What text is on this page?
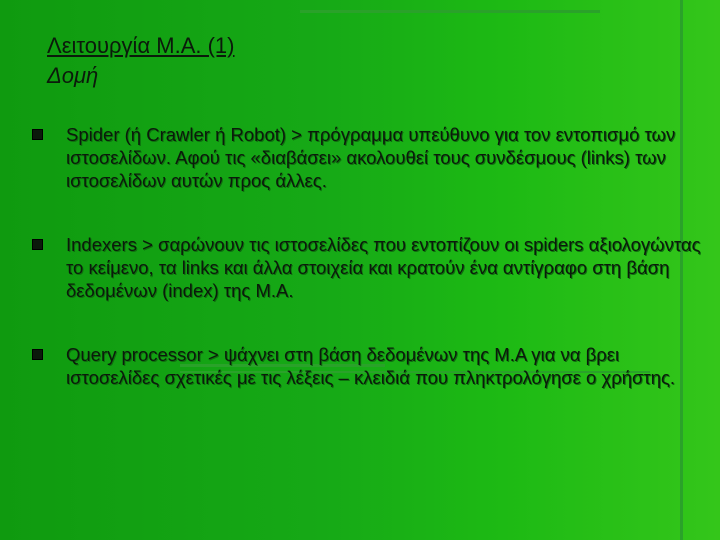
Λειτουργία Μ.Α. (1)
Δομή
Spider (ή Crawler ή Robot) > πρόγραμμα υπεύθυνο για τον εντοπισμό των ιστοσελίδων. Αφού τις «διαβάσει» ακολουθεί τους συνδέσμους (links) των ιστοσελίδων αυτών προς άλλες.
Indexers > σαρώνουν τις ιστοσελίδες που εντοπίζουν οι spiders αξιολογώντας το κείμενο, τα links και άλλα στοιχεία και κρατούν ένα αντίγραφο στη βάση δεδομένων (index) της Μ.Α.
Query processor > ψάχνει στη βάση δεδομένων της Μ.Α για να βρει ιστοσελίδες σχετικές με τις λέξεις – κλειδιά που πληκτρολόγησε ο χρήστης.
